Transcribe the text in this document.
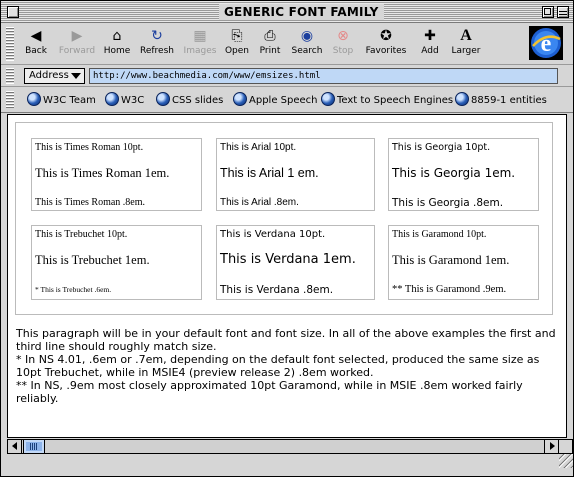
GENERIC FONT FAMILY
◀
Back
▶
Forward
⌂
Home
↻
Refresh
▦
Images
⎘
Open
⎙
Print
◉
Search
⊗
Stop
✪
Favorites
✚
Add
A
Larger	e
Address	http://www.beachmedia.com/www/emsizes.html
W3C Team	W3C	CSS slides	Apple Speech	Text to Speech Engines	8859-1 entities
This is Times Roman 10pt.
This is Times Roman 1em.
This is Times Roman .8em.
This is Arial 10pt.
This is Arial 1 em.
This is Arial .8em.
This is Georgia 10pt.
This is Georgia 1em.
This is Georgia .8em.
This is Trebuchet 10pt.
This is Trebuchet 1em.
* This is Trebuchet .6em.
This is Verdana 10pt.
This is Verdana 1em.
This is Verdana .8em.
This is Garamond 10pt.
This is Garamond 1em.
** This is Garamond .9em.
This paragraph will be in your default font and font size. In all of the above examples the first and third line should roughly match size.
* In NS 4.01, .6em or .7em, depending on the default font selected, produced the same size as 10pt Trebuchet, while in MSIE4 (preview release 2) .8em worked.
** In NS, .9em most closely approximated 10pt Garamond, while in MSIE .8em worked fairly reliably.
